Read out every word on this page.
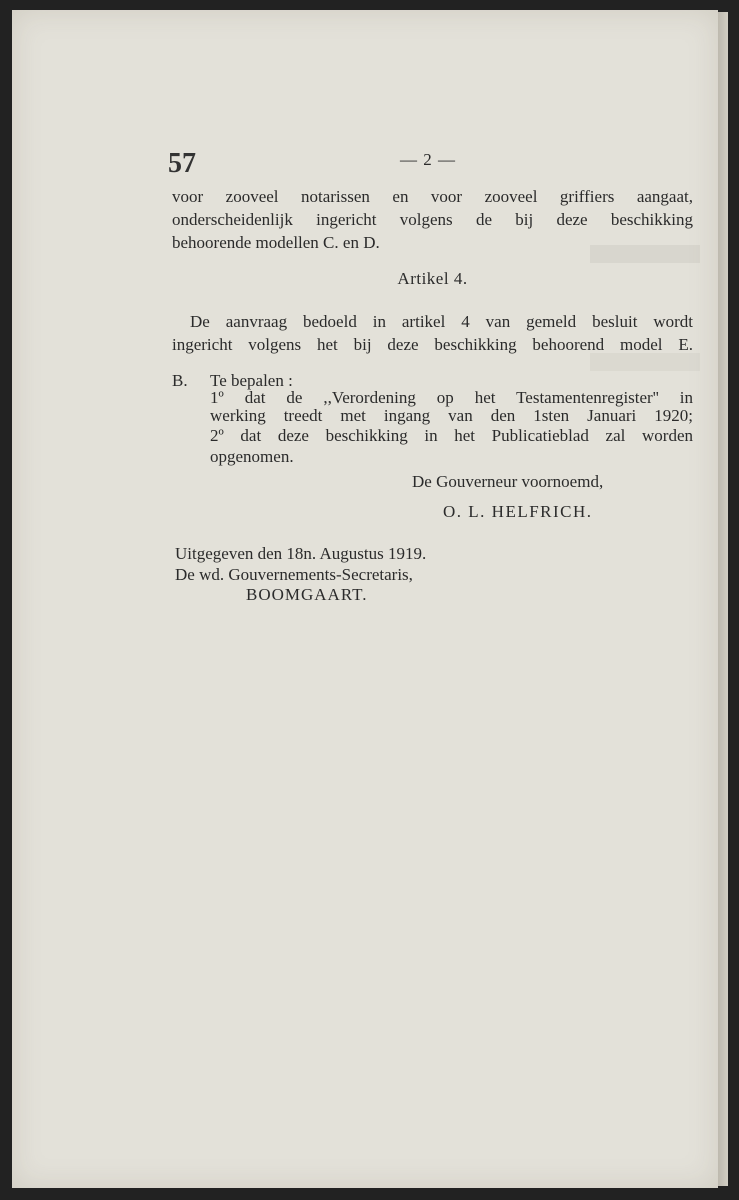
57	— 2 —
voor zooveel notarissen en voor zooveel griffiers aangaat,
onderscheidenlijk ingericht volgens de bij deze beschikking
behoorende modellen C. en D.
Artikel 4.
De aanvraag bedoeld in artikel 4 van gemeld besluit wordt
ingericht volgens het bij deze beschikking behoorend model E.
B. Te bepalen :
1º dat de ,,Verordening op het Testamentenregister'' in
werking treedt met ingang van den 1sten Januari 1920;
2º dat deze beschikking in het Publicatieblad zal worden
opgenomen.
De Gouverneur voornoemd,
O. L. HELFRICH.
Uitgegeven den 18n. Augustus 1919.
De wd. Gouvernements-Secretaris,
BOOMGAART.
